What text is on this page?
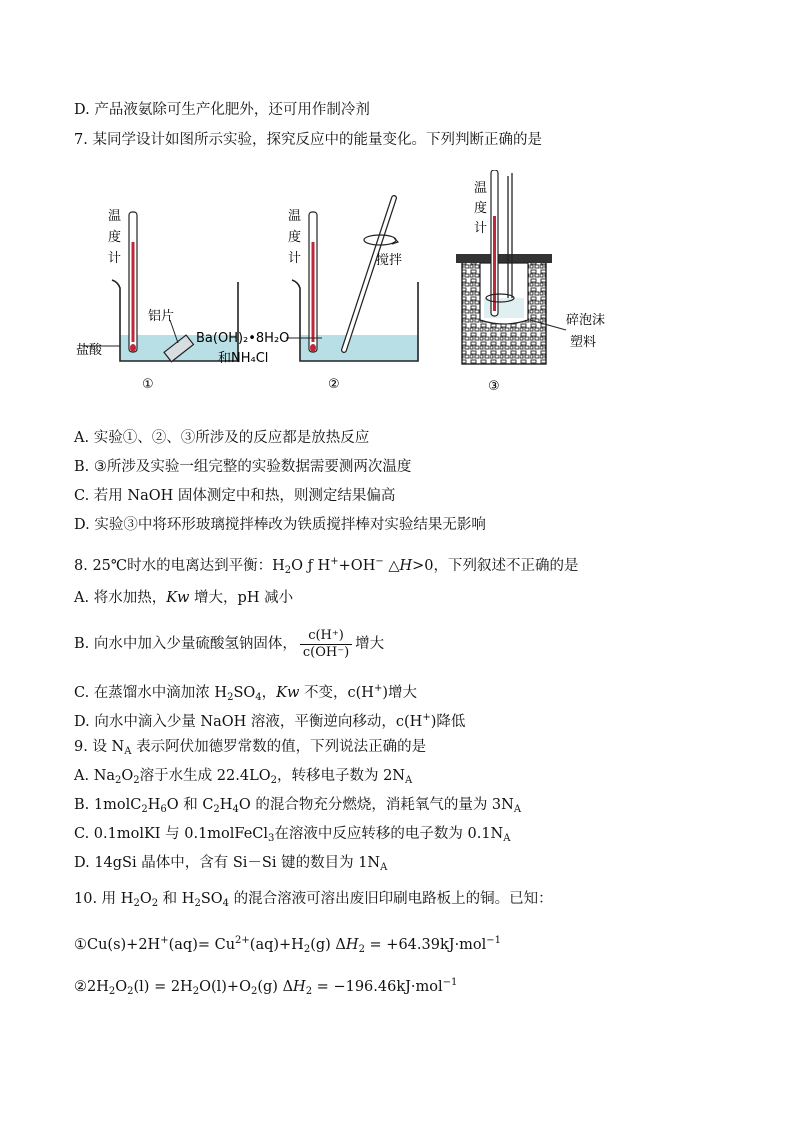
D. 产品液氨除可生产化肥外，还可用作制冷剂
7. 某同学设计如图所示实验，探究反应中的能量变化。下列判断正确的是
温
度
计
铝片
盐酸
①
温
度
计	搅拌
Ba(OH)₂•8H₂O
和NH₄Cl
②
温
度
计
碎泡沫
塑料
③
A. 实验①、②、③所涉及的反应都是放热反应
B. ③所涉及实验一组完整的实验数据需要测两次温度
C. 若用 NaOH 固体测定中和热，则测定结果偏高
D. 实验③中将环形玻璃搅拌棒改为铁质搅拌棒对实验结果无影响
8. 25℃时水的电离达到平衡：$H_2O$ ƒ H++OH− △H>0，下列叙述不正确的是
A. 将水加热，Kw 增大，pH 减小
B. 向水中加入少量硫酸氢钠固体， $\frac{c(H^+)}{c(OH^-)}$ 增大
C. 在蒸馏水中滴加浓 $H_2SO_4$，Kw 不变，c(H+)增大
D. 向水中滴入少量 NaOH 溶液，平衡逆向移动，c(H+)降低
9. 设 $N_A$ 表示阿伏加德罗常数的值，下列说法正确的是
A. $Na_2O_2$溶于水生成 $22.4LO_2$，转移电子数为 $2N_A$
B. $1molC_2H_6O$ 和 $C_2H_4O$ 的混合物充分燃烧，消耗氧气的量为 $3N_A$
C. 0.1molKI 与 0.1molFeCl$_3$在溶液中反应转移的电子数为 $0.1N_A$
D. 14gSi 晶体中，含有 Si－Si 键的数目为 $1N_A$
10. 用 $H_2O_2$ 和 $H_2SO_4$ 的混合溶液可溶出废旧印刷电路板上的铜。已知：
①Cu(s)+2H+(aq)= $Cu^{2+}(aq)+H_2(g) \Delta H_2 = +64.39kJ\cdot mol^{-1}$
$②2H_2O_2(l) = 2H_2O(l)+O_2(g) \Delta H_2 = -196.46kJ\cdot mol^{-1}$
